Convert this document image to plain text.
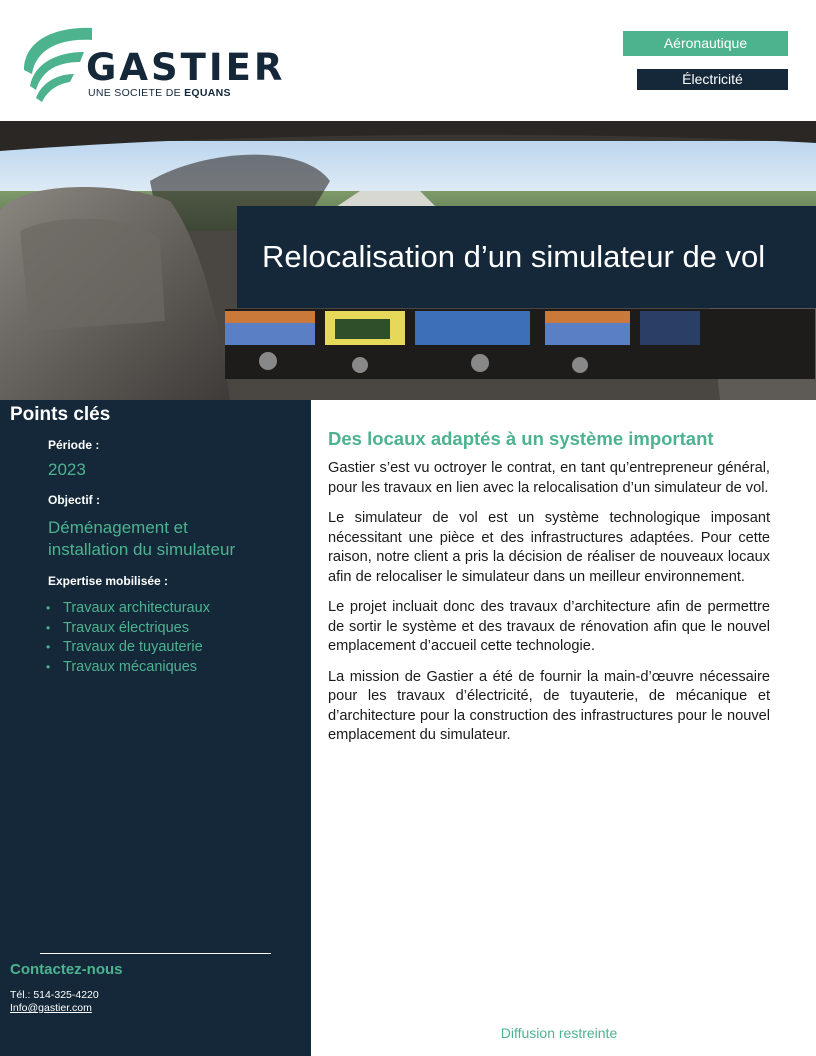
GASTIER
UNE SOCIETE DE EQUANS
Aéronautique
Électricité
Relocalisation d’un simulateur de vol
Points clés
Période :
2023
Objectif :
Déménagement et
installation du simulateur
Expertise mobilisée :
• Travaux architecturaux
• Travaux électriques
• Travaux de tuyauterie
• Travaux mécaniques
Contactez-nous
Tél.: 514-325-4220
Info@gastier.com
Des locaux adaptés à un système important

Gastier s’est vu octroyer le contrat, en tant qu’entrepreneur général, pour les travaux en lien avec la relocalisation d’un simulateur de vol.

Le simulateur de vol est un système technologique imposant nécessitant une pièce et des infrastructures adaptées. Pour cette raison, notre client a pris la décision de réaliser de nouveaux locaux afin de relocaliser le simulateur dans un meilleur environnement.

Le projet incluait donc des travaux d’architecture afin de permettre de sortir le système et des travaux de rénovation afin que le nouvel emplacement d’accueil cette technologie.

La mission de Gastier a été de fournir la main-d’œuvre nécessaire pour les travaux d’électricité, de tuyauterie, de mécanique et d’architecture pour la construction des infrastructures pour le nouvel emplacement du simulateur.

Diffusion restreinte
